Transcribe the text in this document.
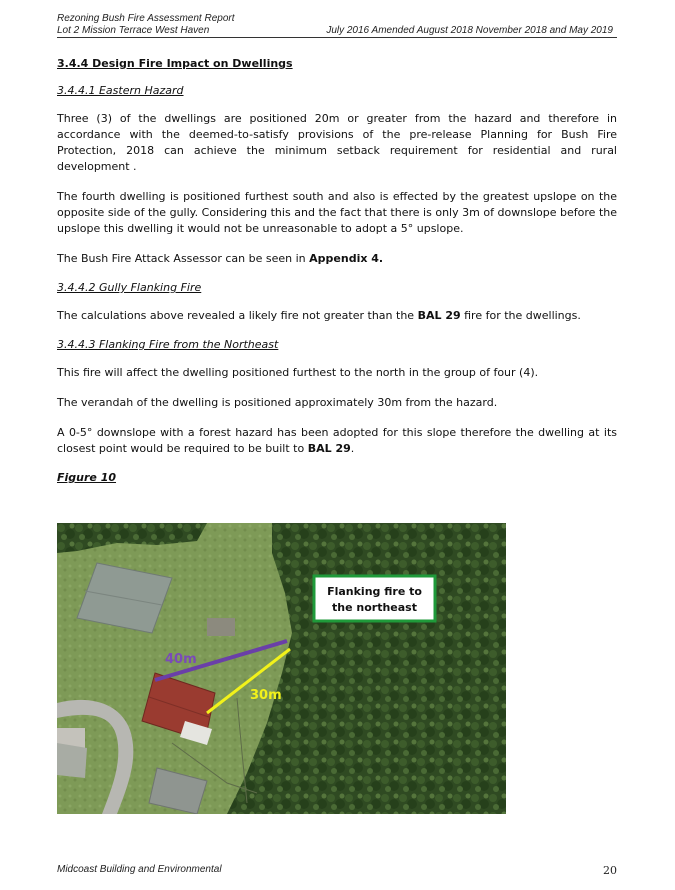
Rezoning Bush Fire Assessment Report
Lot 2 Mission Terrace West Haven	July 2016 Amended August 2018 November 2018 and May 2019
3.4.4 Design Fire Impact on Dwellings
3.4.4.1 Eastern Hazard

Three (3) of the dwellings are positioned 20m or greater from the hazard and therefore in accordance with the deemed-to-satisfy provisions of the pre-release Planning for Bush Fire Protection, 2018 can achieve the minimum setback requirement for residential and rural development .

The fourth dwelling is positioned furthest south and also is effected by the greatest upslope on the opposite side of the gully. Considering this and the fact that there is only 3m of downslope before the upslope this dwelling it would not be unreasonable to adopt a 5° upslope.

The Bush Fire Attack Assessor can be seen in Appendix 4.

3.4.4.2 Gully Flanking Fire

The calculations above revealed a likely fire not greater than the BAL 29 fire for the dwellings.

3.4.4.3 Flanking Fire from the Northeast

This fire will affect the dwelling positioned furthest to the north in the group of four (4).

The verandah of the dwelling is positioned approximately 30m from the hazard.

A 0-5° downslope with a forest hazard has been adopted for this slope therefore the dwelling at its closest point would be required to be built to BAL 29.

Figure 10
40m
30m
Flanking fire to
the northeast
Midcoast Building and Environmental	20
